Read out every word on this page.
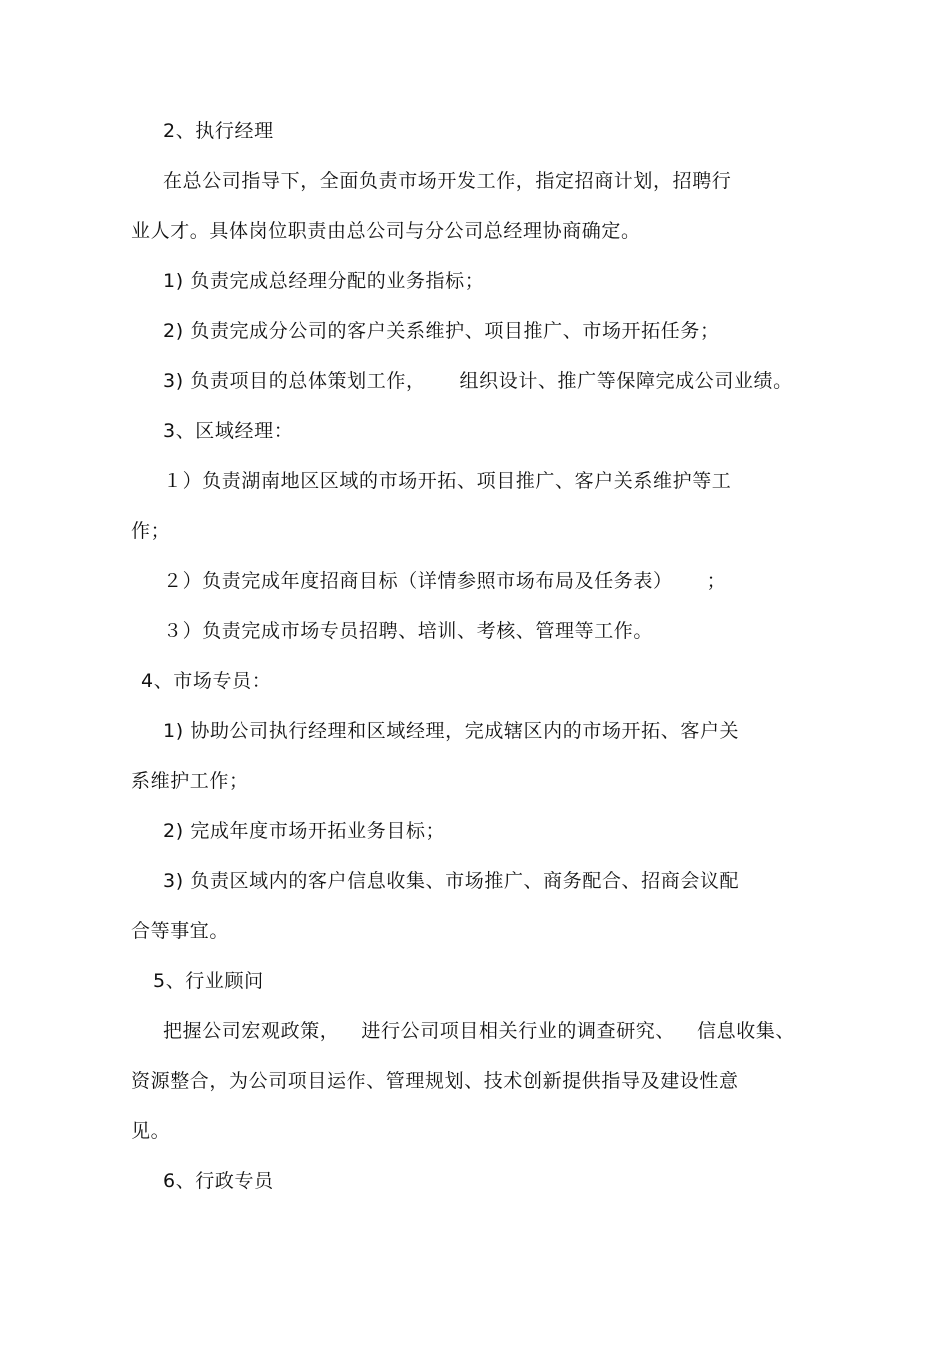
2、执行经理
在总公司指导下，全面负责市场开发工作，指定招商计划，招聘行
业人才。具体岗位职责由总公司与分公司总经理协商确定。
1) 负责完成总经理分配的业务指标；
2) 负责完成分公司的客户关系维护、项目推广、市场开拓任务；
3) 负责项目的总体策划工作， 组织设计、推广等保障完成公司业绩。
3、区域经理：
１）负责湖南地区区域的市场开拓、项目推广、客户关系维护等工
作；
２）负责完成年度招商目标（详情参照市场布局及任务表） ；
３）负责完成市场专员招聘、培训、考核、管理等工作。
4、市场专员：
1) 协助公司执行经理和区域经理，完成辖区内的市场开拓、客户关
系维护工作；
2) 完成年度市场开拓业务目标；
3) 负责区域内的客户信息收集、市场推广、商务配合、招商会议配
合等事宜。
5、行业顾问
把握公司宏观政策， 进行公司项目相关行业的调查研究、 信息收集、
资源整合，为公司项目运作、管理规划、技术创新提供指导及建设性意
见。
6、行政专员
